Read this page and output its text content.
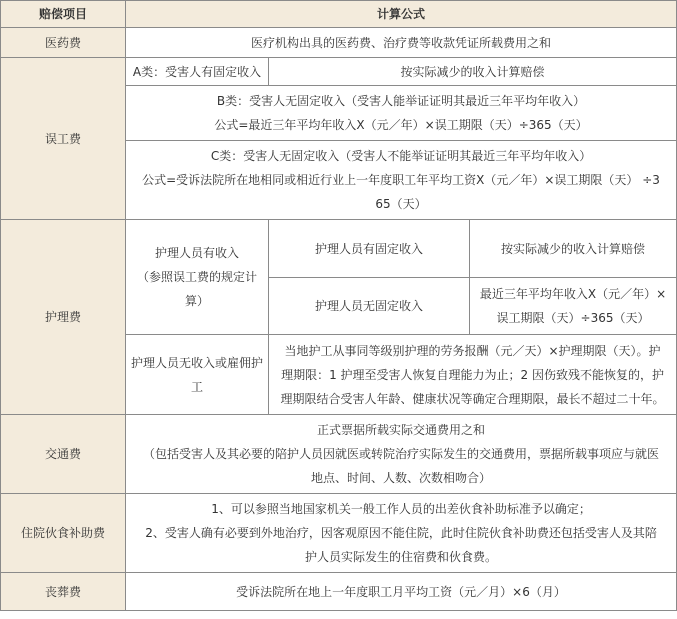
赔偿项目	计算公式		
医药费	医疗机构出具的医药费、治疗费等收款凭证所载费用之和		
误工费	A类：受害人有固定收入	按实际减少的收入计算赔偿	

	B类：受害人无固定收入（受害人能举证证明其最近三年平均年收入）
公式=最近三年平均年收入X（元／年）×误工期限（天）÷365（天）		

	C类：受害人无固定收入（受害人不能举证证明其最近三年平均年收入）
公式=受诉法院所在地相同或相近行业上一年度职工年平均工资X（元／年）×误工期限（天） ÷3
65（天）		

护理费	护理人员有收入
（参照误工费的规定计
算）	护理人员有固定收入	按实际减少的收入计算赔偿
		护理人员无固定收入	最近三年平均年收入X（元／年）×
误工期限（天）÷365（天）

	护理人员无收入或雇佣护
工	当地护工从事同等级别护理的劳务报酬（元／天）×护理期限（天）。护
理期限：1 护理至受害人恢复自理能力为止；2 因伤致残不能恢复的，护
理期限结合受害人年龄、健康状况等确定合理期限，最长不超过二十年。	

交通费	正式票据所载实际交通费用之和
（包括受害人及其必要的陪护人员因就医或转院治疗实际发生的交通费用，票据所载事项应与就医
地点、时间、人数、次数相吻合）		

住院伙食补助费	1、可以参照当地国家机关一般工作人员的出差伙食补助标准予以确定；
2、受害人确有必要到外地治疗，因客观原因不能住院，此时住院伙食补助费还包括受害人及其陪
护人员实际发生的住宿费和伙食费。		

丧葬费	受诉法院所在地上一年度职工月平均工资（元／月）×6（月）		
